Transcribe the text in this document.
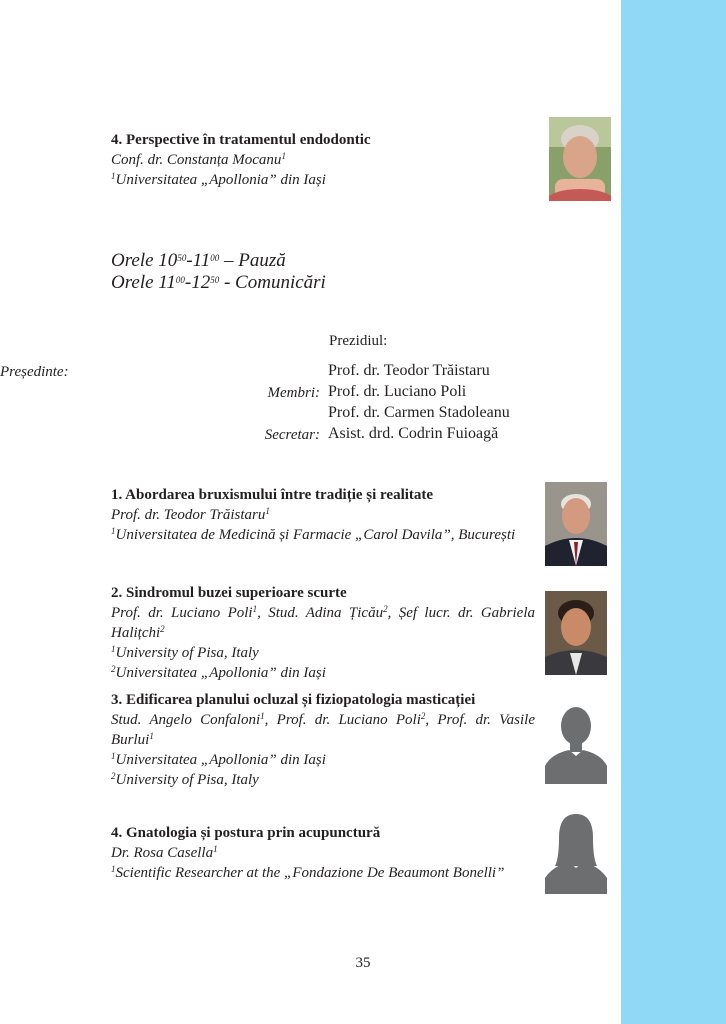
4. Perspective în tratamentul endodontic
Conf. dr. Constanța Mocanu$^1$
$^1$Universitatea „Apollonia” din Iași
Orele $10^{50}-11^{00}$ – Pauză
Orele $11^{00}-12^{50}$ - Comunicări
Prezidiul:
Președinte:	Prof. dr. Teodor Trăistaru
Membri: Prof. dr. Luciano Poli
Prof. dr. Carmen Stadoleanu
Secretar: Asist. drd. Codrin Fuioagă
1. Abordarea bruxismului între tradiție și realitate
Prof. dr. Teodor Trăistaru$^1$
$^1$Universitatea de Medicină și Farmacie „Carol Davila”, București
2. Sindromul buzei superioare scurte
Prof. dr. Luciano Poli$^1$, Stud. Adina Țicău$^2$, Șef lucr. dr. Gabriela Halițchi$^2$
$^1$University of Pisa, Italy
$^2$Universitatea „Apollonia” din Iași
3. Edificarea planului ocluzal și fiziopatologia masticației
Stud. Angelo Confaloni$^1$, Prof. dr. Luciano Poli$^2$, Prof. dr. Vasile Burlui$^1$
$^1$Universitatea „Apollonia” din Iași
$^2$University of Pisa, Italy
4. Gnatologia și postura prin acupunctură
Dr. Rosa Casella$^1$
$^1$Scientific Researcher at the „Fondazione De Beaumont Bonelli”
35
